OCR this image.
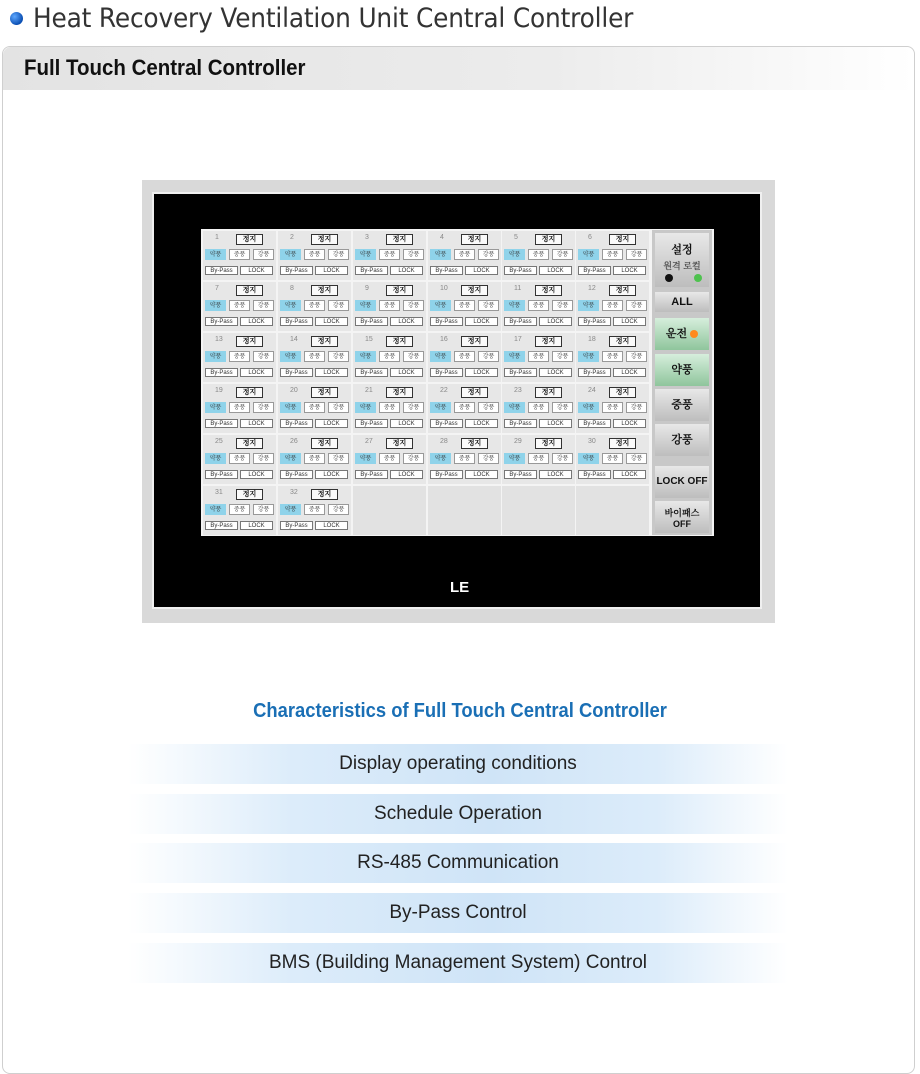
Heat Recovery Ventilation Unit Central Controller
Full Touch Central Controller
1	정지
약풍	중풍	강풍
By-Pass	LOCK
2	정지
약풍	중풍	강풍
By-Pass	LOCK
3	정지
약풍	중풍	강풍
By-Pass	LOCK
4	정지
약풍	중풍	강풍
By-Pass	LOCK
5	정지
약풍	중풍	강풍
By-Pass	LOCK
6	정지
약풍	중풍	강풍
By-Pass	LOCK
7	정지
약풍	중풍	강풍
By-Pass	LOCK
8	정지
약풍	중풍	강풍
By-Pass	LOCK
9	정지
약풍	중풍	강풍
By-Pass	LOCK
10	정지
약풍	중풍	강풍
By-Pass	LOCK
11	정지
약풍	중풍	강풍
By-Pass	LOCK
12	정지
약풍	중풍	강풍
By-Pass	LOCK
13	정지
약풍	중풍	강풍
By-Pass	LOCK
14	정지
약풍	중풍	강풍
By-Pass	LOCK
15	정지
약풍	중풍	강풍
By-Pass	LOCK
16	정지
약풍	중풍	강풍
By-Pass	LOCK
17	정지
약풍	중풍	강풍
By-Pass	LOCK
18	정지
약풍	중풍	강풍
By-Pass	LOCK
19	정지
약풍	중풍	강풍
By-Pass	LOCK
20	정지
약풍	중풍	강풍
By-Pass	LOCK
21	정지
약풍	중풍	강풍
By-Pass	LOCK
22	정지
약풍	중풍	강풍
By-Pass	LOCK
23	정지
약풍	중풍	강풍
By-Pass	LOCK
24	정지
약풍	중풍	강풍
By-Pass	LOCK
25	정지
약풍	중풍	강풍
By-Pass	LOCK
26	정지
약풍	중풍	강풍
By-Pass	LOCK
27	정지
약풍	중풍	강풍
By-Pass	LOCK
28	정지
약풍	중풍	강풍
By-Pass	LOCK
29	정지
약풍	중풍	강풍
By-Pass	LOCK
30	정지
약풍	중풍	강풍
By-Pass	LOCK
31	정지
약풍	중풍	강풍
By-Pass	LOCK
32	정지
약풍	중풍	강풍
By-Pass	LOCK
설정
원격 로컬

ALL
운전
약풍
중풍
강풍
LOCK OFF
바이패스
OFF
LE
Characteristics of Full Touch Central Controller
Display operating conditions
Schedule Operation
RS-485 Communication
By-Pass Control
BMS (Building Management System) Control
